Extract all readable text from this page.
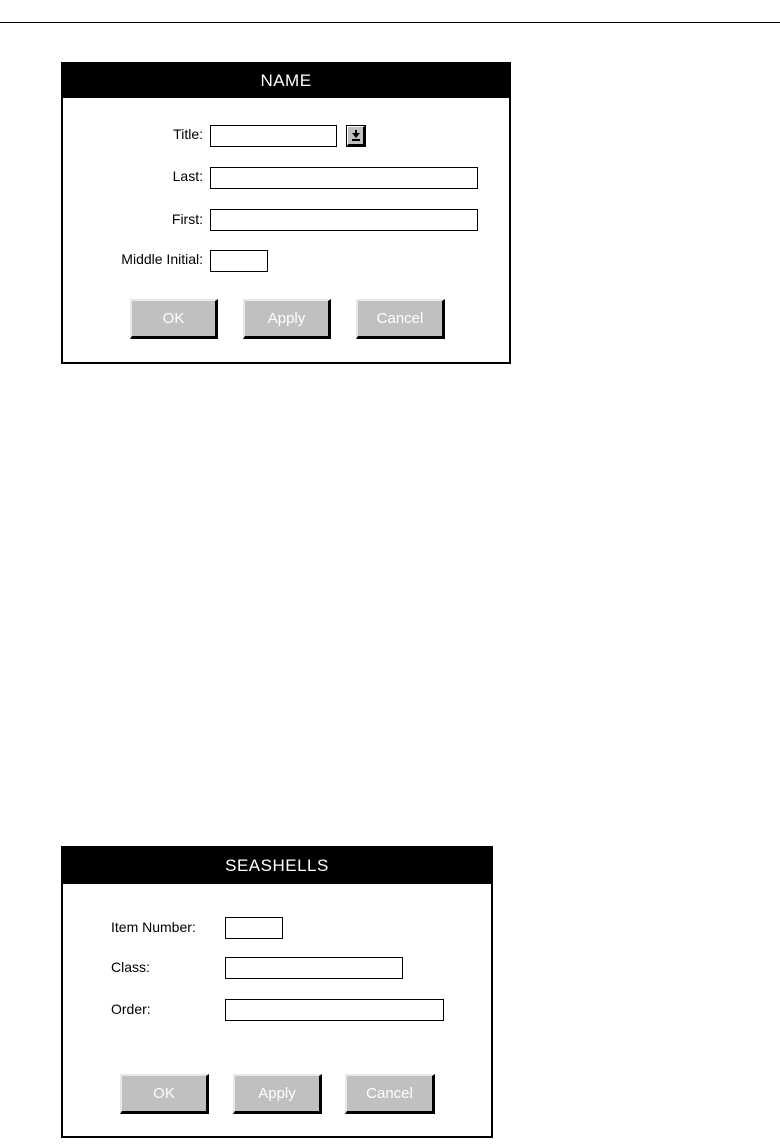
NAME
Title:
Last:
First:
Middle Initial:
OK	Apply	Cancel
SEASHELLS
Item Number:
Class:
Order:
OK	Apply	Cancel
